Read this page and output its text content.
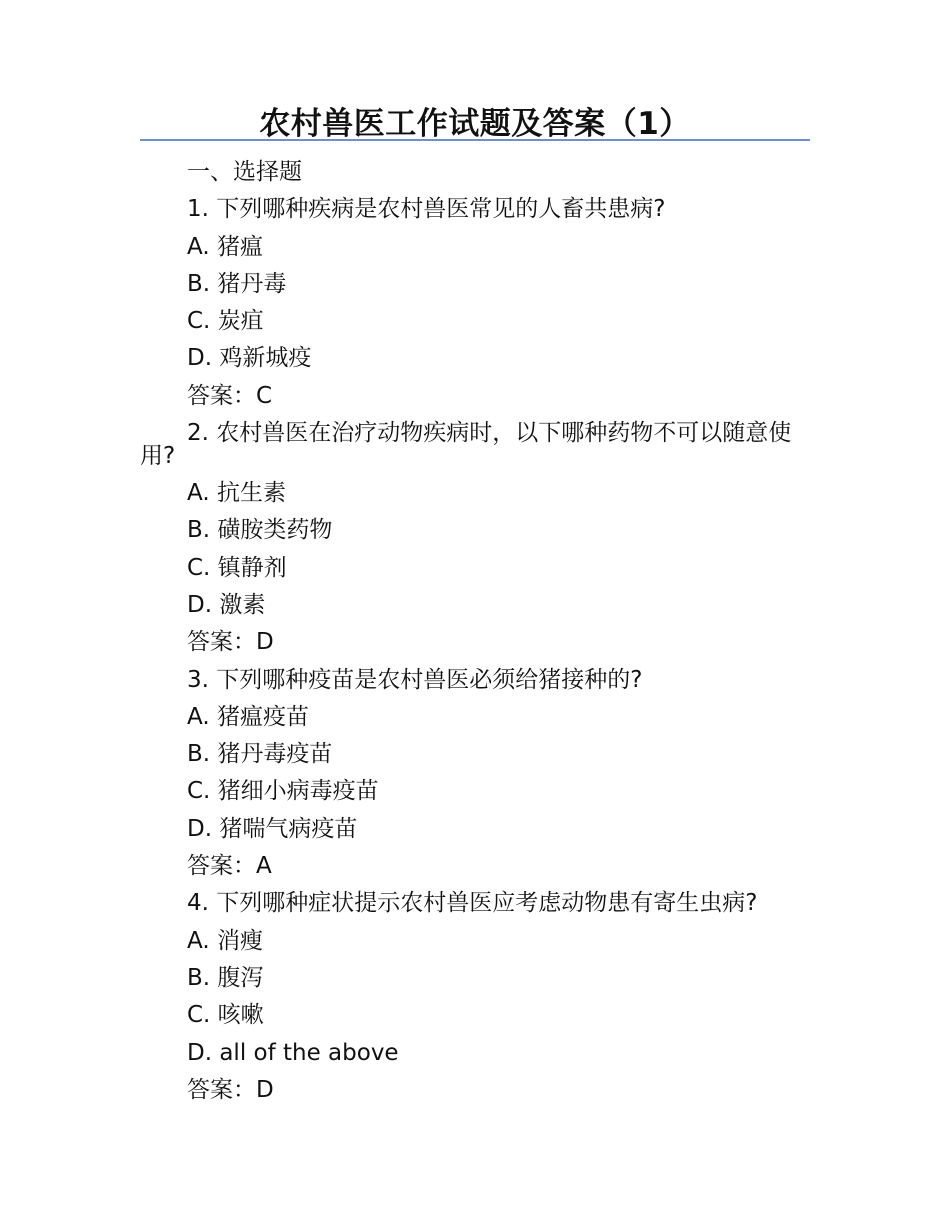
农村兽医工作试题及答案（1）
一、选择题
1. 下列哪种疾病是农村兽医常见的人畜共患病?
A. 猪瘟
B. 猪丹毒
C. 炭疽
D. 鸡新城疫
答案：C
2. 农村兽医在治疗动物疾病时，以下哪种药物不可以随意使用?
A. 抗生素
B. 磺胺类药物
C. 镇静剂
D. 激素
答案：D
3. 下列哪种疫苗是农村兽医必须给猪接种的?
A. 猪瘟疫苗
B. 猪丹毒疫苗
C. 猪细小病毒疫苗
D. 猪喘气病疫苗
答案：A
4. 下列哪种症状提示农村兽医应考虑动物患有寄生虫病?
A. 消瘦
B. 腹泻
C. 咳嗽
D. all of the above
答案：D
